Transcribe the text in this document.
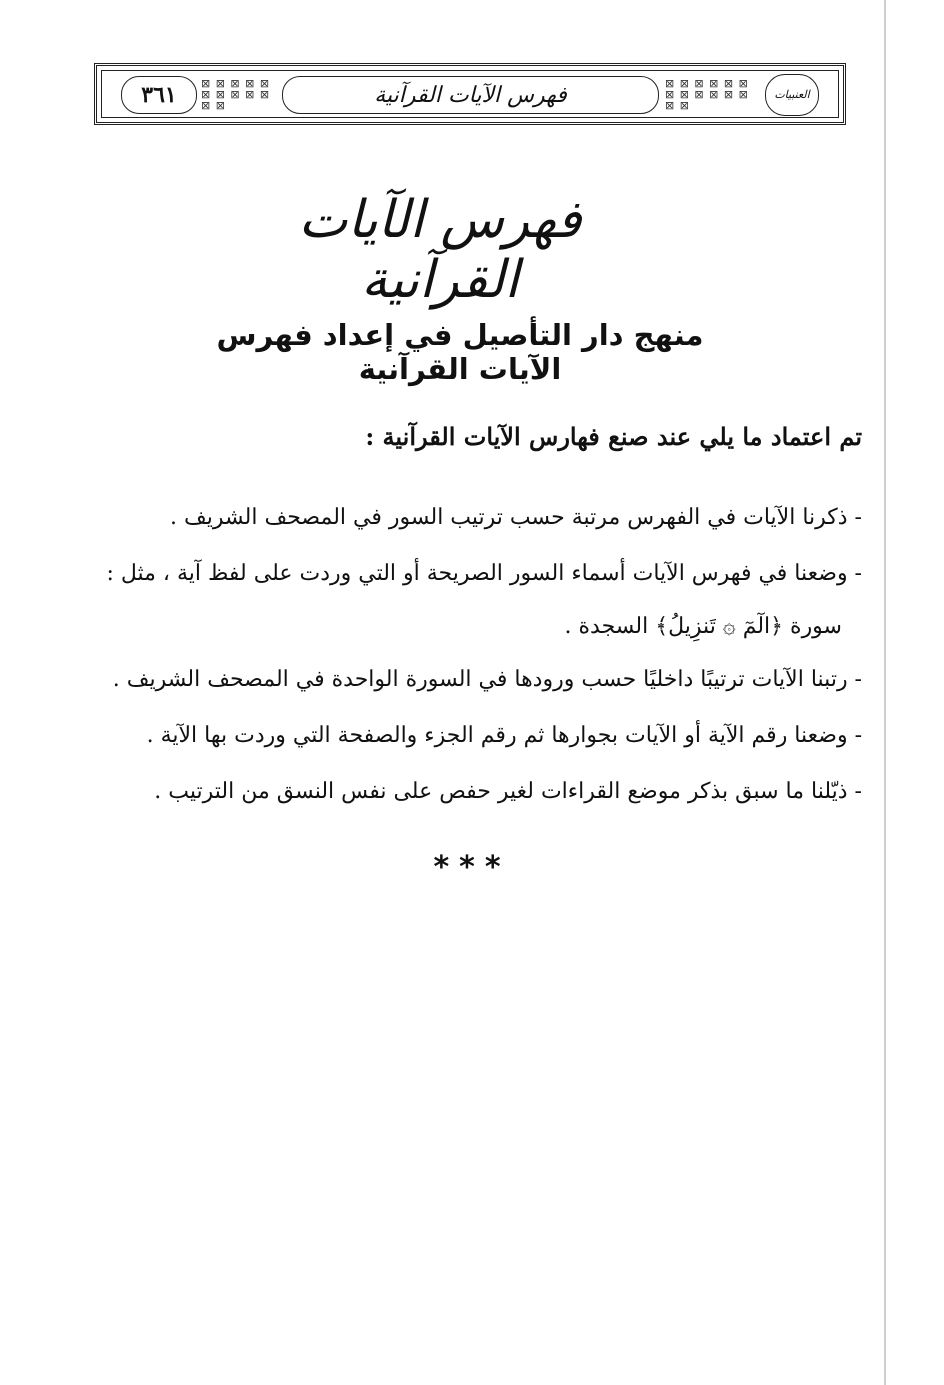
٣٦١	⊠ ⊠ ⊠ ⊠ ⊠ ⊠ ⊠ ⊠ ⊠ ⊠ ⊠ ⊠	فهرس الآيات القرآنية	⊠ ⊠ ⊠ ⊠ ⊠ ⊠ ⊠ ⊠ ⊠ ⊠ ⊠ ⊠ ⊠ ⊠
العنبيات
فهرس الآيات القرآنية
منهج دار التأصيل في إعداد فهرس الآيات القرآنية
تم اعتماد ما يلي عند صنع فهارس الآيات القرآنية :
- ذكرنا الآيات في الفهرس مرتبة حسب ترتيب السور في المصحف الشريف .
- وضعنا في فهرس الآيات أسماء السور الصريحة أو التي وردت على لفظ آية ، مثل :
سورة ﴿الٓمٓ ۞ تَنزِيلُ﴾ السجدة .
- رتبنا الآيات ترتيبًا داخليًا حسب ورودها في السورة الواحدة في المصحف الشريف .
- وضعنا رقم الآية أو الآيات بجوارها ثم رقم الجزء والصفحة التي وردت بها الآية .
- ذيّلنا ما سبق بذكر موضع القراءات لغير حفص على نفس النسق من الترتيب .
***
